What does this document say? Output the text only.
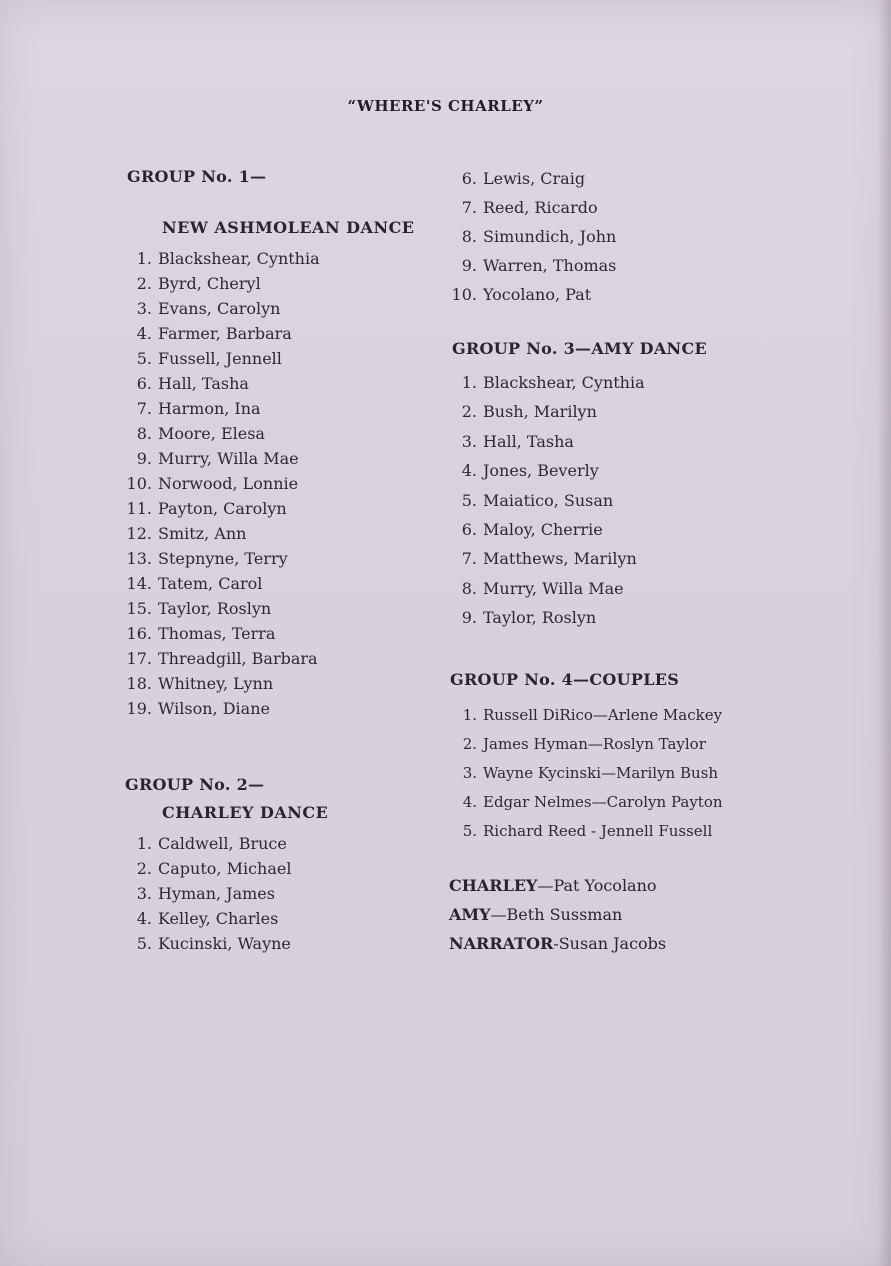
“WHERE'S CHARLEY”
GROUP No. 1—
NEW ASHMOLEAN DANCE
1. Blackshear, Cynthia
2. Byrd, Cheryl
3. Evans, Carolyn
4. Farmer, Barbara
5. Fussell, Jennell
6. Hall, Tasha
7. Harmon, Ina
8. Moore, Elesa
9. Murry, Willa Mae
10. Norwood, Lonnie
11. Payton, Carolyn
12. Smitz, Ann
13. Stepnyne, Terry
14. Tatem, Carol
15. Taylor, Roslyn
16. Thomas, Terra
17. Threadgill, Barbara
18. Whitney, Lynn
19. Wilson, Diane
GROUP No. 2—
CHARLEY DANCE
1. Caldwell, Bruce
2. Caputo, Michael
3. Hyman, James
4. Kelley, Charles
5. Kucinski, Wayne
6. Lewis, Craig
7. Reed, Ricardo
8. Simundich, John
9. Warren, Thomas
10. Yocolano, Pat
GROUP No. 3—AMY DANCE
1. Blackshear, Cynthia
2. Bush, Marilyn
3. Hall, Tasha
4. Jones, Beverly
5. Maiatico, Susan
6. Maloy, Cherrie
7. Matthews, Marilyn
8. Murry, Willa Mae
9. Taylor, Roslyn
GROUP No. 4—COUPLES
1. Russell DiRico—Arlene Mackey
2. James Hyman—Roslyn Taylor
3. Wayne Kycinski—Marilyn Bush
4. Edgar Nelmes—Carolyn Payton
5. Richard Reed - Jennell Fussell
CHARLEY—Pat Yocolano
AMY—Beth Sussman
NARRATOR-Susan Jacobs
